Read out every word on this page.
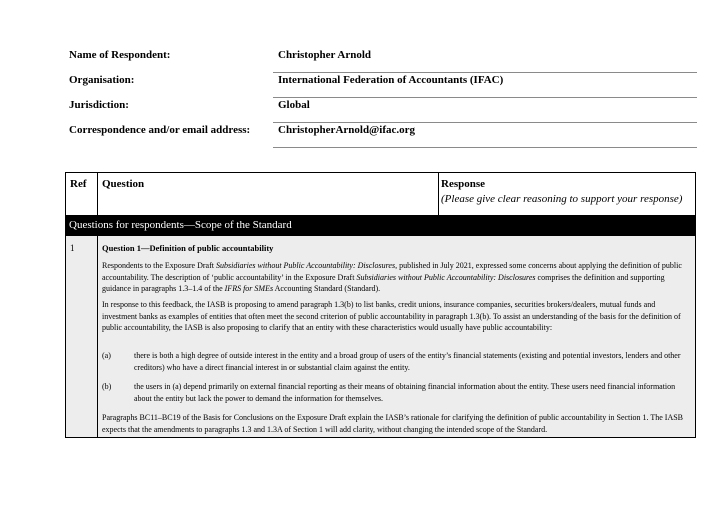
Name of Respondent:	Christopher Arnold
Organisation:	International Federation of Accountants (IFAC)
Jurisdiction:	Global
Correspondence and/or email address:	ChristopherArnold@ifac.org
Ref Question	Response
(Please give clear reasoning to support your response)
Questions for respondents—Scope of the Standard
1	Question 1—Definition of public accountability
Respondents to the Exposure Draft Subsidiaries without Public Accountability: Disclosures, published in July 2021, expressed some concerns about applying the definition of public accountability. The description of ‘public accountability’ in the Exposure Draft Subsidiaries without Public Accountability: Disclosures comprises the definition and supporting guidance in paragraphs 1.3–1.4 of the IFRS for SMEs Accounting Standard (Standard).
In response to this feedback, the IASB is proposing to amend paragraph 1.3(b) to list banks, credit unions, insurance companies, securities brokers/dealers, mutual funds and investment banks as examples of entities that often meet the second criterion of public accountability in paragraph 1.3(b). To assist an understanding of the basis for the definition of public accountability, the IASB is also proposing to clarify that an entity with these characteristics would usually have public accountability:
(a)	there is both a high degree of outside interest in the entity and a broad group of users of the entity’s financial statements (existing and potential investors, lenders and other creditors) who have a direct financial interest in or substantial claim against the entity.
(b)	the users in (a) depend primarily on external financial reporting as their means of obtaining financial information about the entity. These users need financial information about the entity but lack the power to demand the information for themselves.
Paragraphs BC11–BC19 of the Basis for Conclusions on the Exposure Draft explain the IASB’s rationale for clarifying the definition of public accountability in Section 1. The IASB expects that the amendments to paragraphs 1.3 and 1.3A of Section 1 will add clarity, without changing the intended scope of the Standard.
